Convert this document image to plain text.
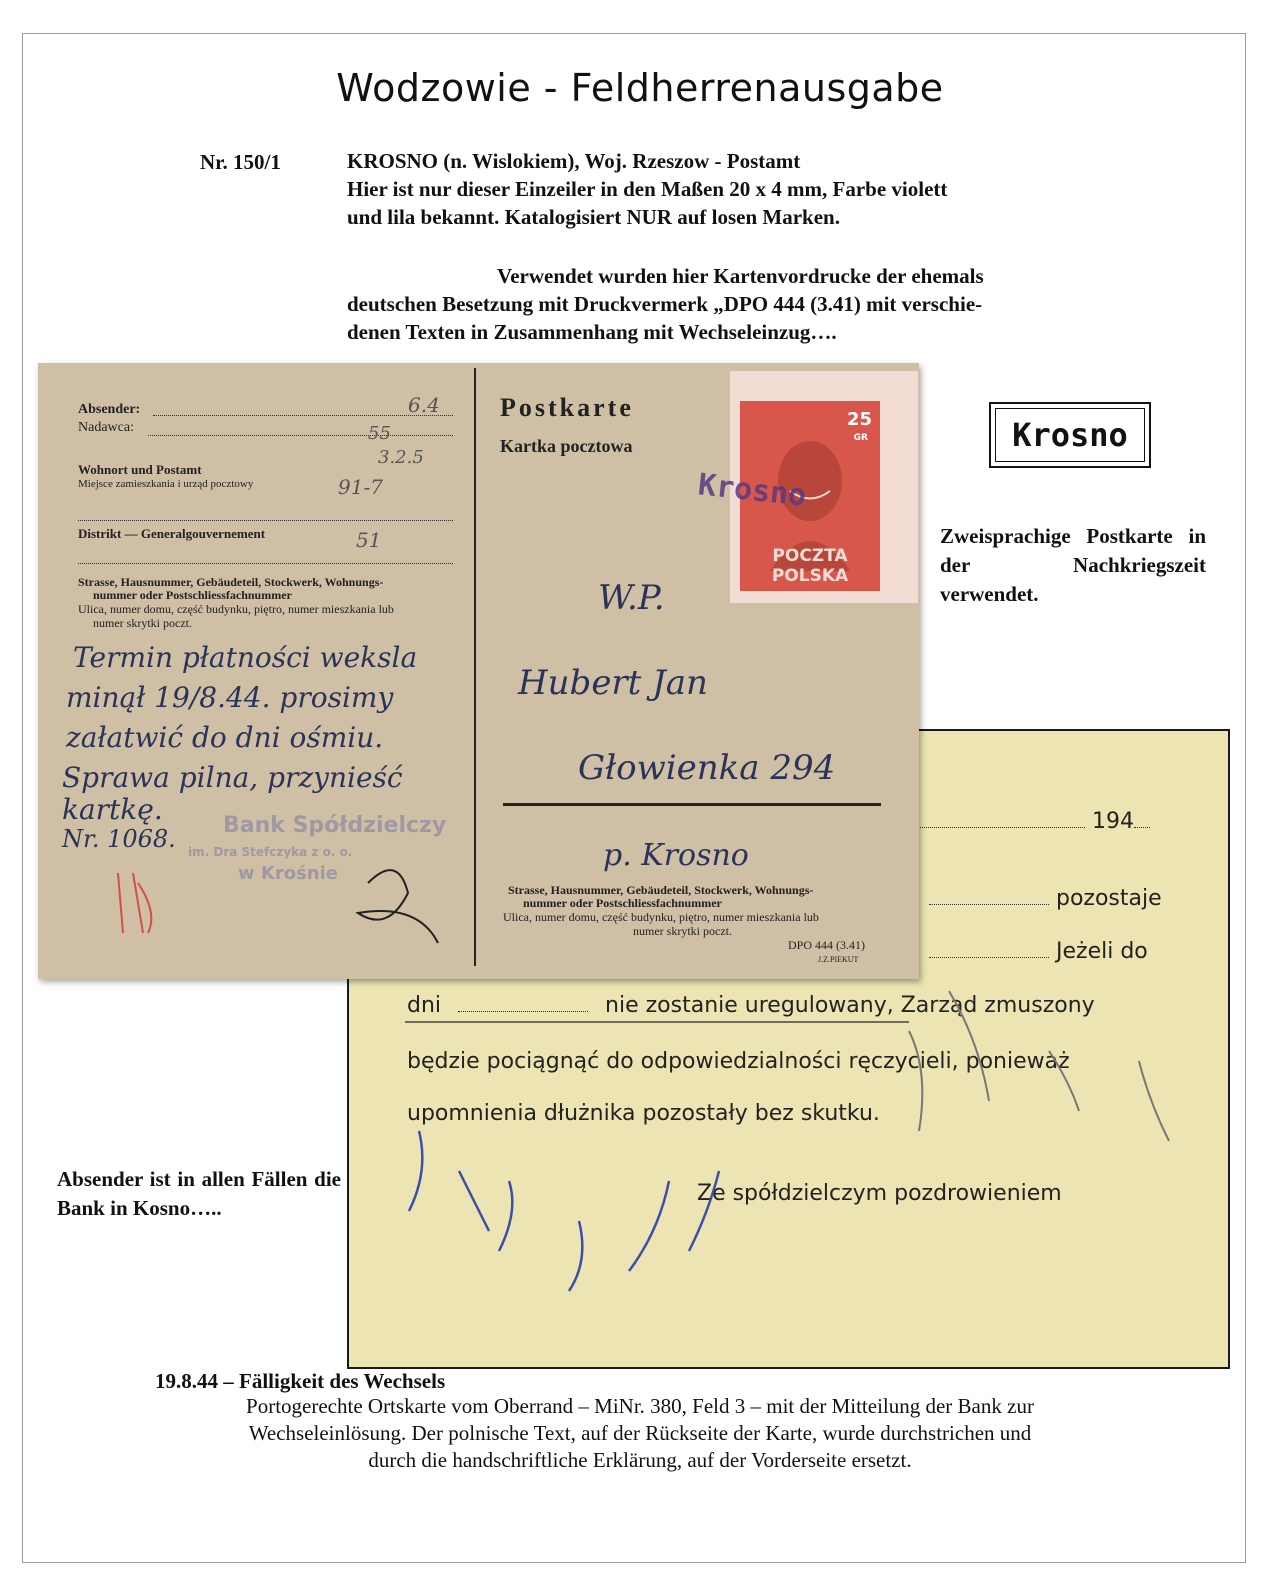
Wodzowie - Feldherrenausgabe
Nr. 150/1	KROSNO (n. Wislokiem), Woj. Rzeszow - Postamt
Hier ist nur dieser Einzeiler in den Maßen 20 x 4 mm, Farbe violett
und lila bekannt. Katalogisiert NUR auf losen Marken.
Verwendet wurden hier Kartenvordrucke der ehemals
deutschen Besetzung mit Druckvermerk „DPO 444 (3.41) mit verschie-
denen Texten in Zusammenhang mit Wechseleinzug….
Krosno
Zweisprachige Postkarte in der Nachkriegszeit verwendet.
Absender ist in allen Fällen die Bank in Kosno…..
194
pozostaje
Jeżeli do
dni	nie zostanie uregulowany, Zarząd zmuszony
będzie pociągnąć do odpowiedzialności ręczycieli, ponieważ
upomnienia dłużnika pozostały bez skutku.
Ze spółdzielczym pozdrowieniem
Absender:
Nadawca:
Wohnort und Postamt
Miejsce zamieszkania i urząd pocztowy
Distrikt — Generalgouvernement
Strasse, Hausnummer, Gebäudeteil, Stockwerk, Wohnungs-
nummer oder Postschliessfachnummer
Ulica, numer domu, część budynku, piętro, numer mieszkania lub
numer skrytki poczt.
Termin płatności weksla
minął 19/8.44. prosimy
załatwić do dni ośmiu.
Sprawa pilna, przynieść
kartkę.
Nr. 1068. Bank Spółdzielczy
im. Dra Stefczyka z o. o.
w Krośnie
6.4
55
3.2.5
91-7
51
Postkarte
Kartka pocztowa
25
GR
POCZTA POLSKA
Krosno
W.P.
Hubert Jan
Głowienka 294
p. Krosno
Strasse, Hausnummer, Gebäudeteil, Stockwerk, Wohnungs-
nummer oder Postschliessfachnummer
Ulica, numer domu, część budynku, piętro, numer mieszkania lub
numer skrytki poczt.
DPO 444 (3.41)
J.Z.PIEKUT
19.8.44 – Fälligkeit des Wechsels
Portogerechte Ortskarte vom Oberrand – MiNr. 380, Feld 3 – mit der Mitteilung der Bank zur
Wechseleinlösung. Der polnische Text, auf der Rückseite der Karte, wurde durchstrichen und
durch die handschriftliche Erklärung, auf der Vorderseite ersetzt.
